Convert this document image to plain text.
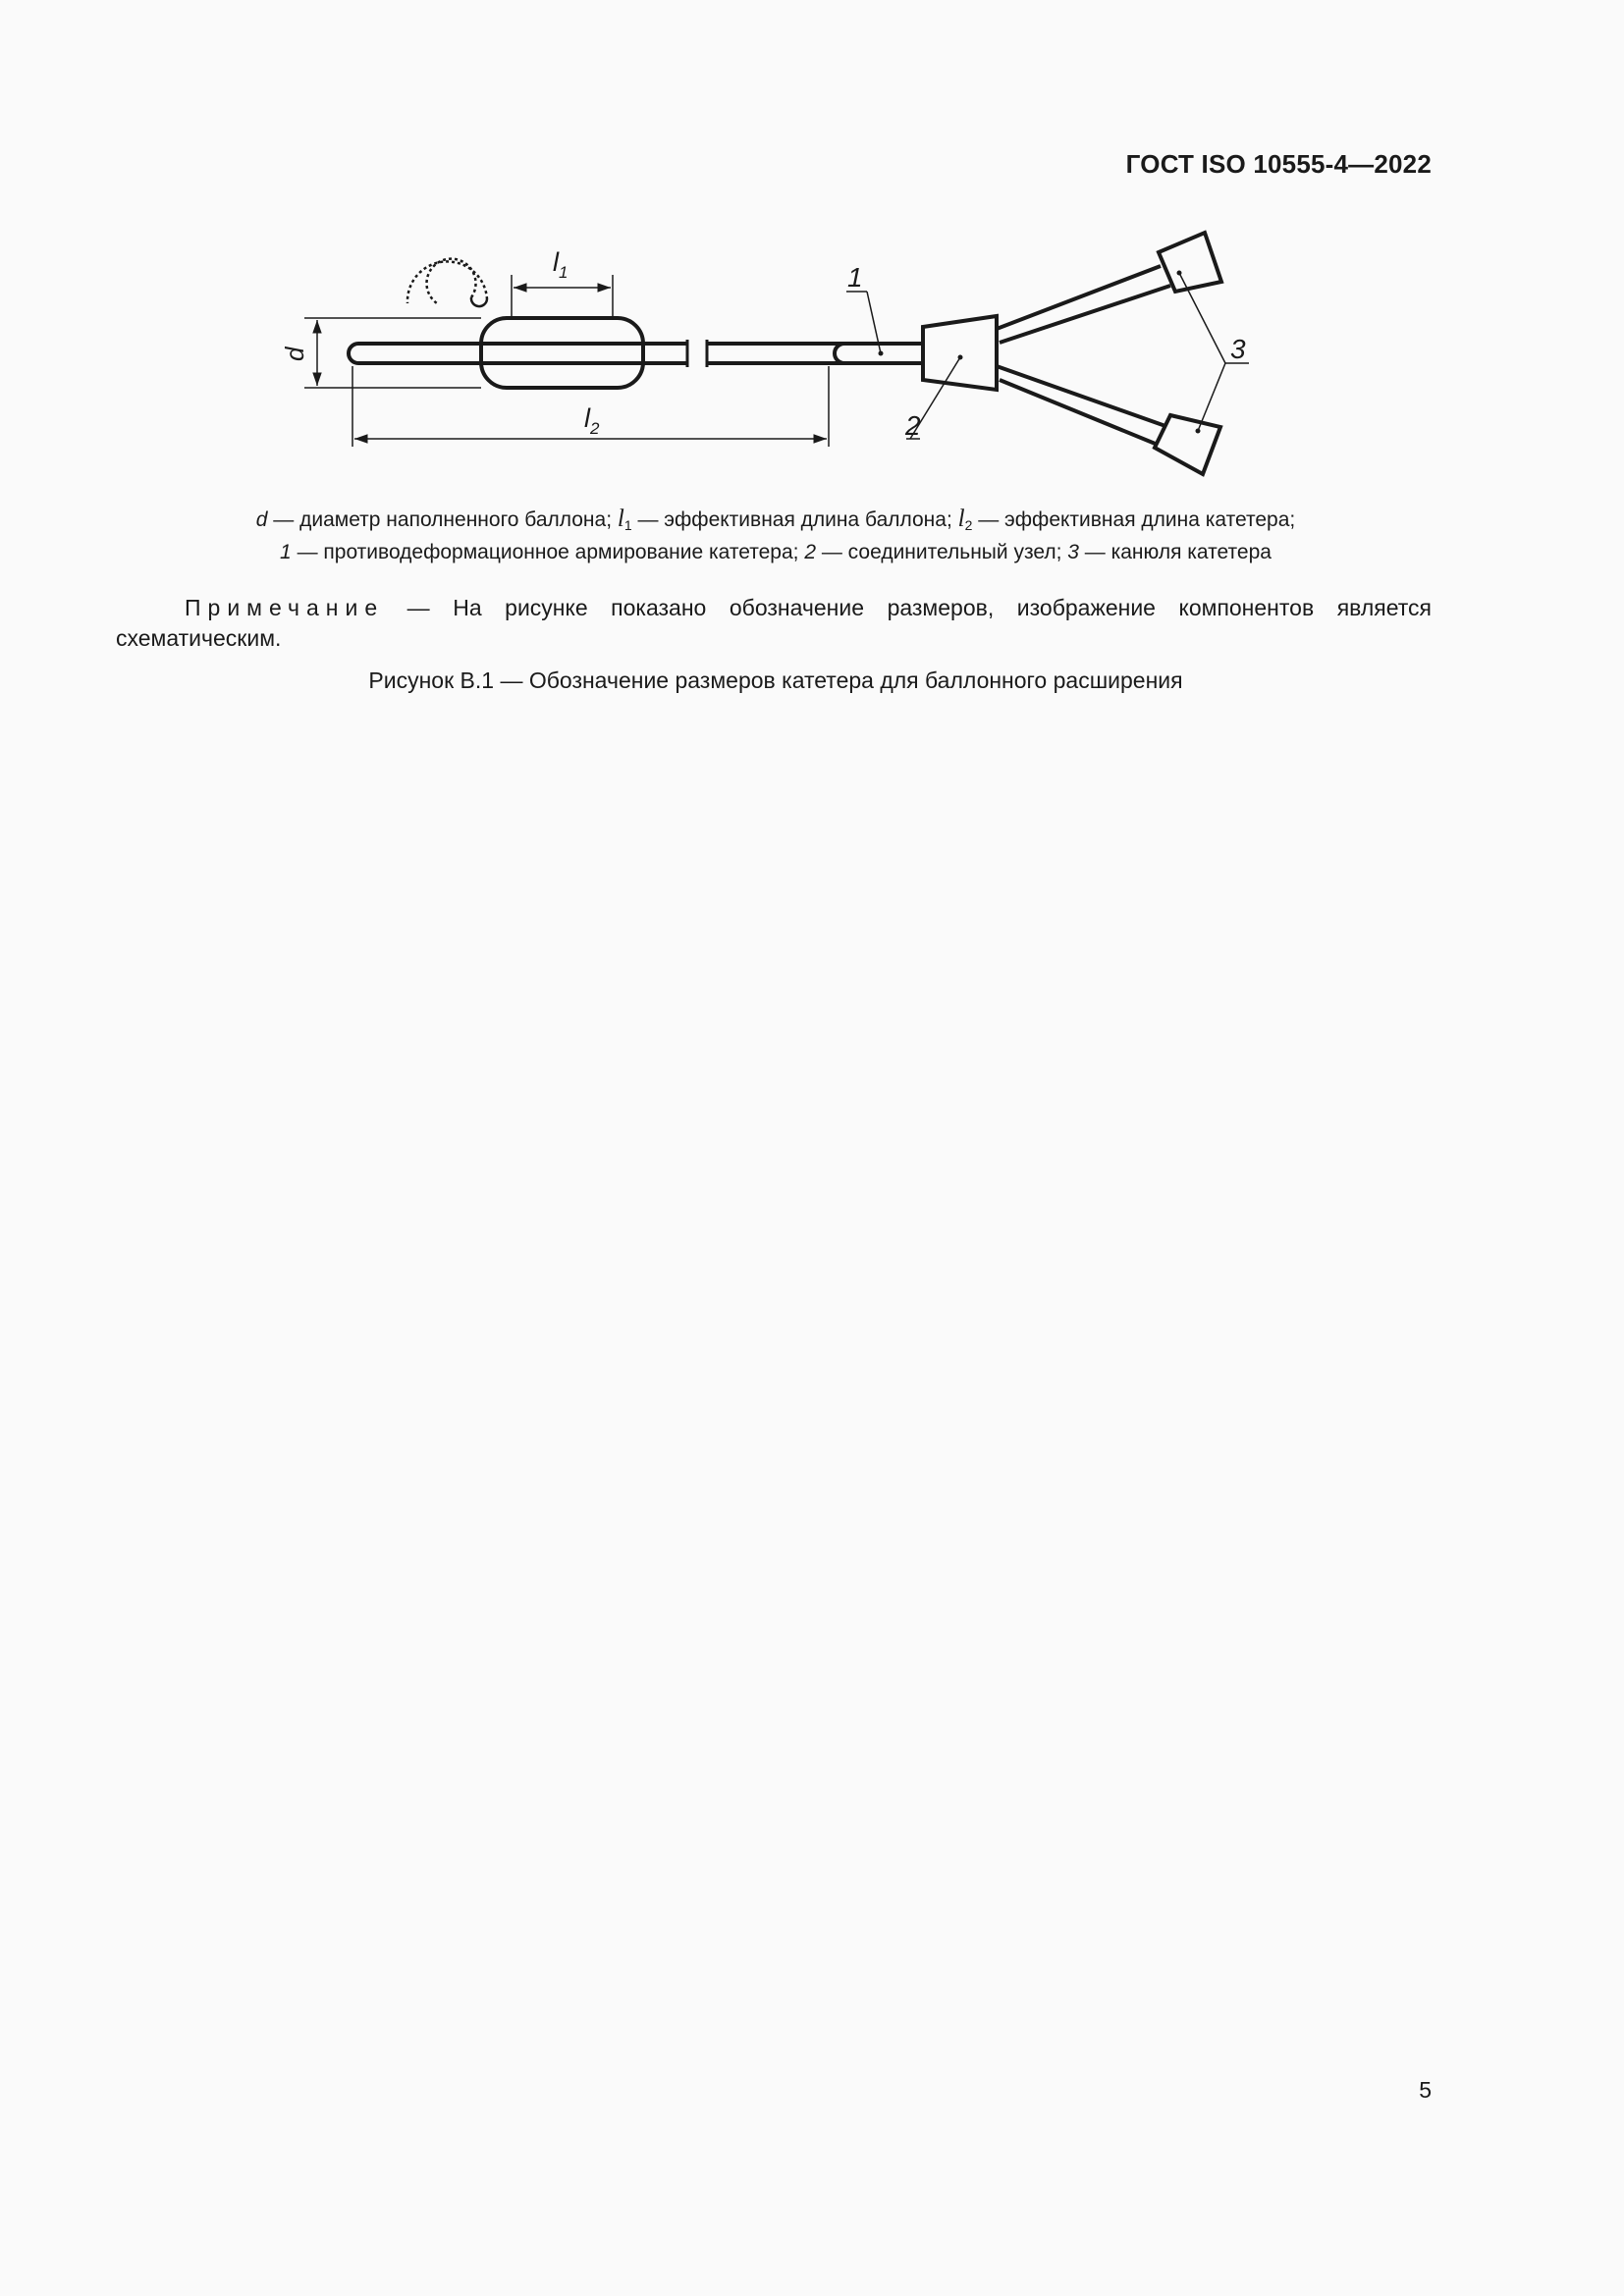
ГОСТ ISO 10555-4—2022
d
$l_1$
$l_2$
1
2
3
d — диаметр наполненного баллона; $l_1$ — эффективная длина баллона; $l_2$ — эффективная длина катетера;
1 — противодеформационное армирование катетера; 2 — соединительный узел; 3 — канюля катетера
Примечание — На рисунке показано обозначение размеров, изображение компонентов является схематическим.
Рисунок B.1 — Обозначение размеров катетера для баллонного расширения
5
